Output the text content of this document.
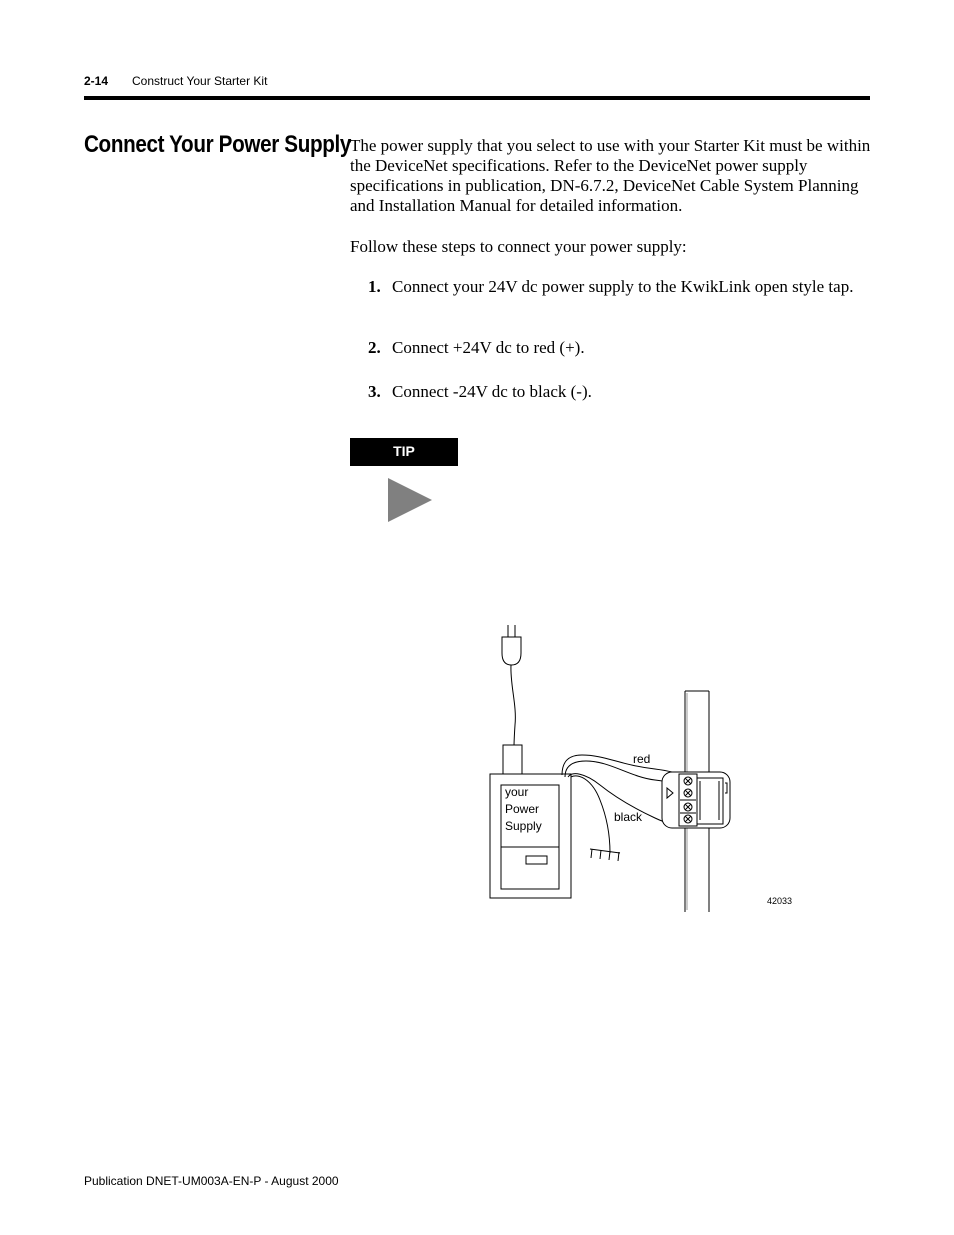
2-14 Construct Your Starter Kit
Connect Your Power Supply

The power supply that you select to use with your Starter Kit must be within the DeviceNet specifications. Refer to the DeviceNet power supply specifications in publication, DN-6.7.2, DeviceNet Cable System Planning and Installation Manual for detailed information.

Follow these steps to connect your power supply:

1. Connect your 24V dc power supply to the KwikLink open style tap.
2. Connect +24V dc to red (+).
3. Connect -24V dc to black (-).
TIP
red
black
your
Power
Supply
42033
Publication DNET-UM003A-EN-P - August 2000
